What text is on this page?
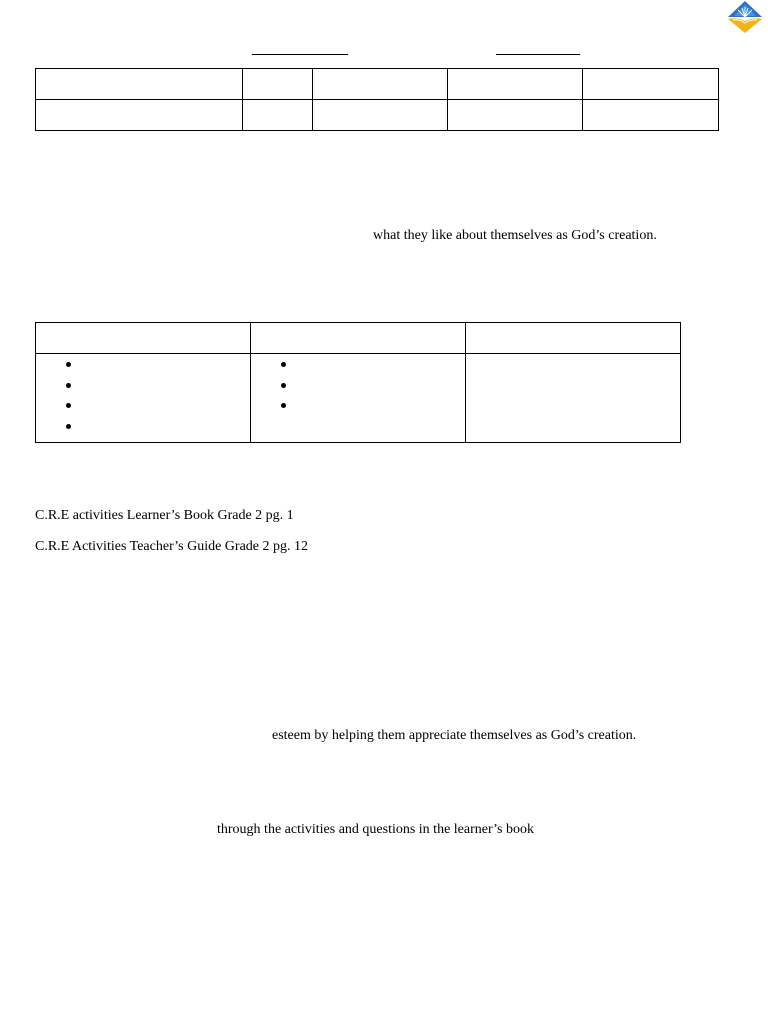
what they like about themselves as God’s creation.

C.R.E activities Learner’s Book Grade 2 pg. 1
C.R.E Activities Teacher’s Guide Grade 2 pg. 12
esteem by helping them appreciate themselves as God’s creation.
through the activities and questions in the learner’s book
